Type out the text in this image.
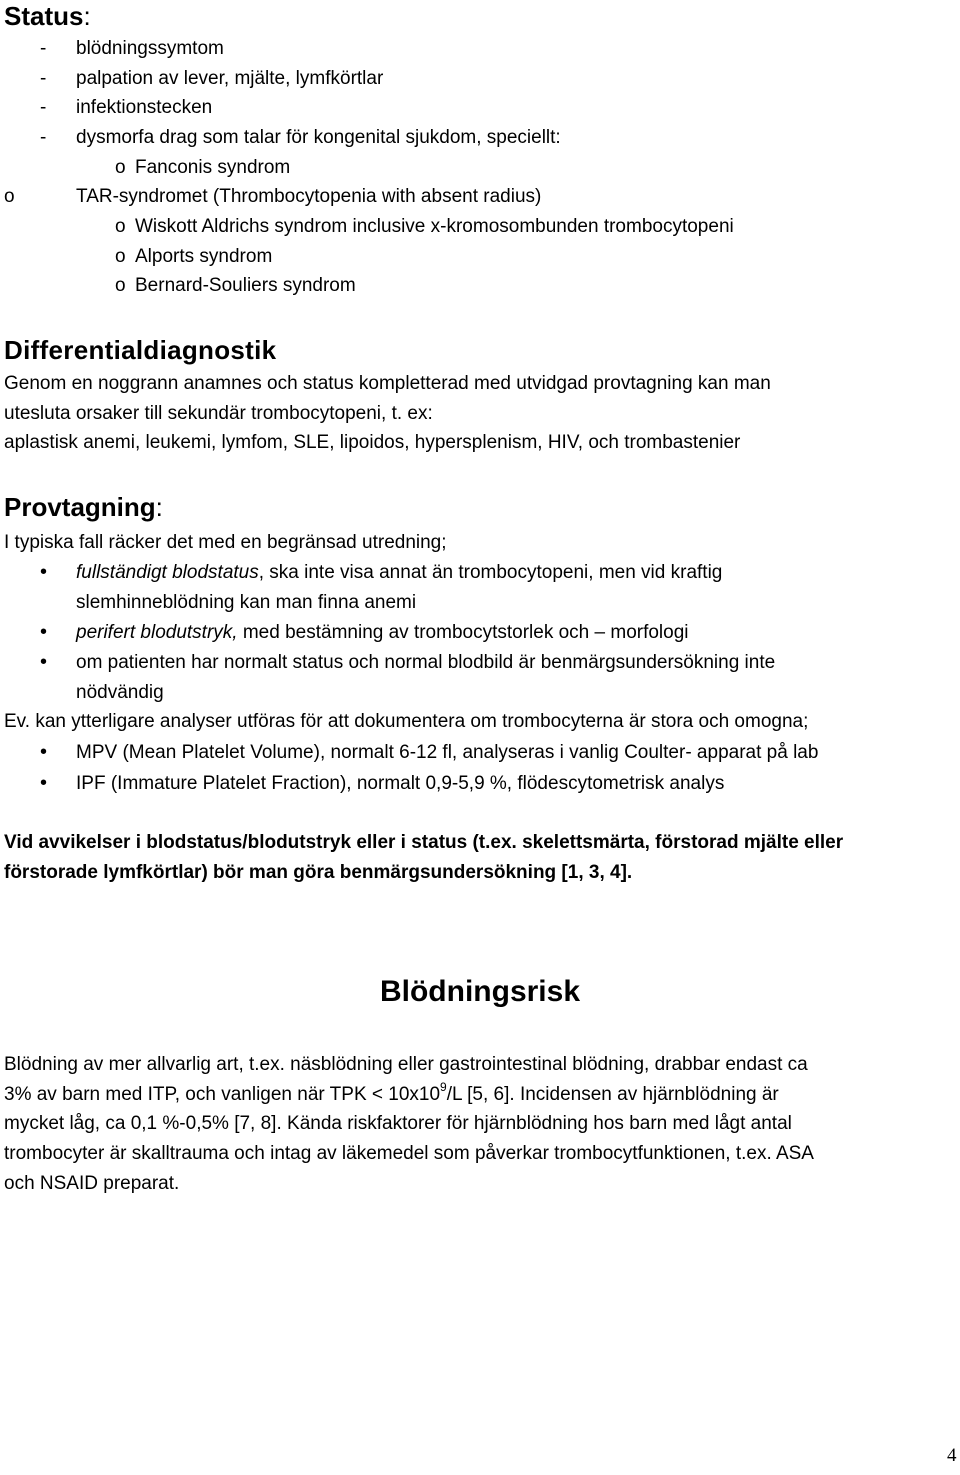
Status:
- blödningssymtom
- palpation av lever, mjälte, lymfkörtlar
- infektionstecken
- dysmorfa drag som talar för kongenital sjukdom, speciellt:
o Fanconis syndrom
o	TAR-syndromet (Thrombocytopenia with absent radius)
o Wiskott Aldrichs syndrom inclusive x-kromosombunden trombocytopeni
o Alports syndrom
o Bernard-Souliers syndrom
Differentialdiagnostik
Genom en noggrann anamnes och status kompletterad med utvidgad provtagning kan man
utesluta orsaker till sekundär trombocytopeni, t. ex:
aplastisk anemi, leukemi, lymfom, SLE, lipoidos, hypersplenism, HIV, och trombastenier
Provtagning:
I typiska fall räcker det med en begränsad utredning;
• fullständigt blodstatus, ska inte visa annat än trombocytopeni, men vid kraftig
slemhinneblödning kan man finna anemi
• perifert blodutstryk, med bestämning av trombocytstorlek och – morfologi
• om patienten har normalt status och normal blodbild är benmärgsundersökning inte
nödvändig
Ev. kan ytterligare analyser utföras för att dokumentera om trombocyterna är stora och omogna;
• MPV (Mean Platelet Volume), normalt 6-12 fl, analyseras i vanlig Coulter- apparat på lab
• IPF (Immature Platelet Fraction), normalt 0,9-5,9 %, flödescytometrisk analys
Vid avvikelser i blodstatus/blodutstryk eller i status (t.ex. skelettsmärta, förstorad mjälte eller
förstorade lymfkörtlar) bör man göra benmärgsundersökning [1, 3, 4].
Blödningsrisk
Blödning av mer allvarlig art, t.ex. näsblödning eller gastrointestinal blödning, drabbar endast ca
3% av barn med ITP, och vanligen när TPK < $10x10^9/L$ [5, 6]. Incidensen av hjärnblödning är
mycket låg, ca 0,1 %-0,5% [7, 8]. Kända riskfaktorer för hjärnblödning hos barn med lågt antal
trombocyter är skalltrauma och intag av läkemedel som påverkar trombocytfunktionen, t.ex. ASA
och NSAID preparat.
4
